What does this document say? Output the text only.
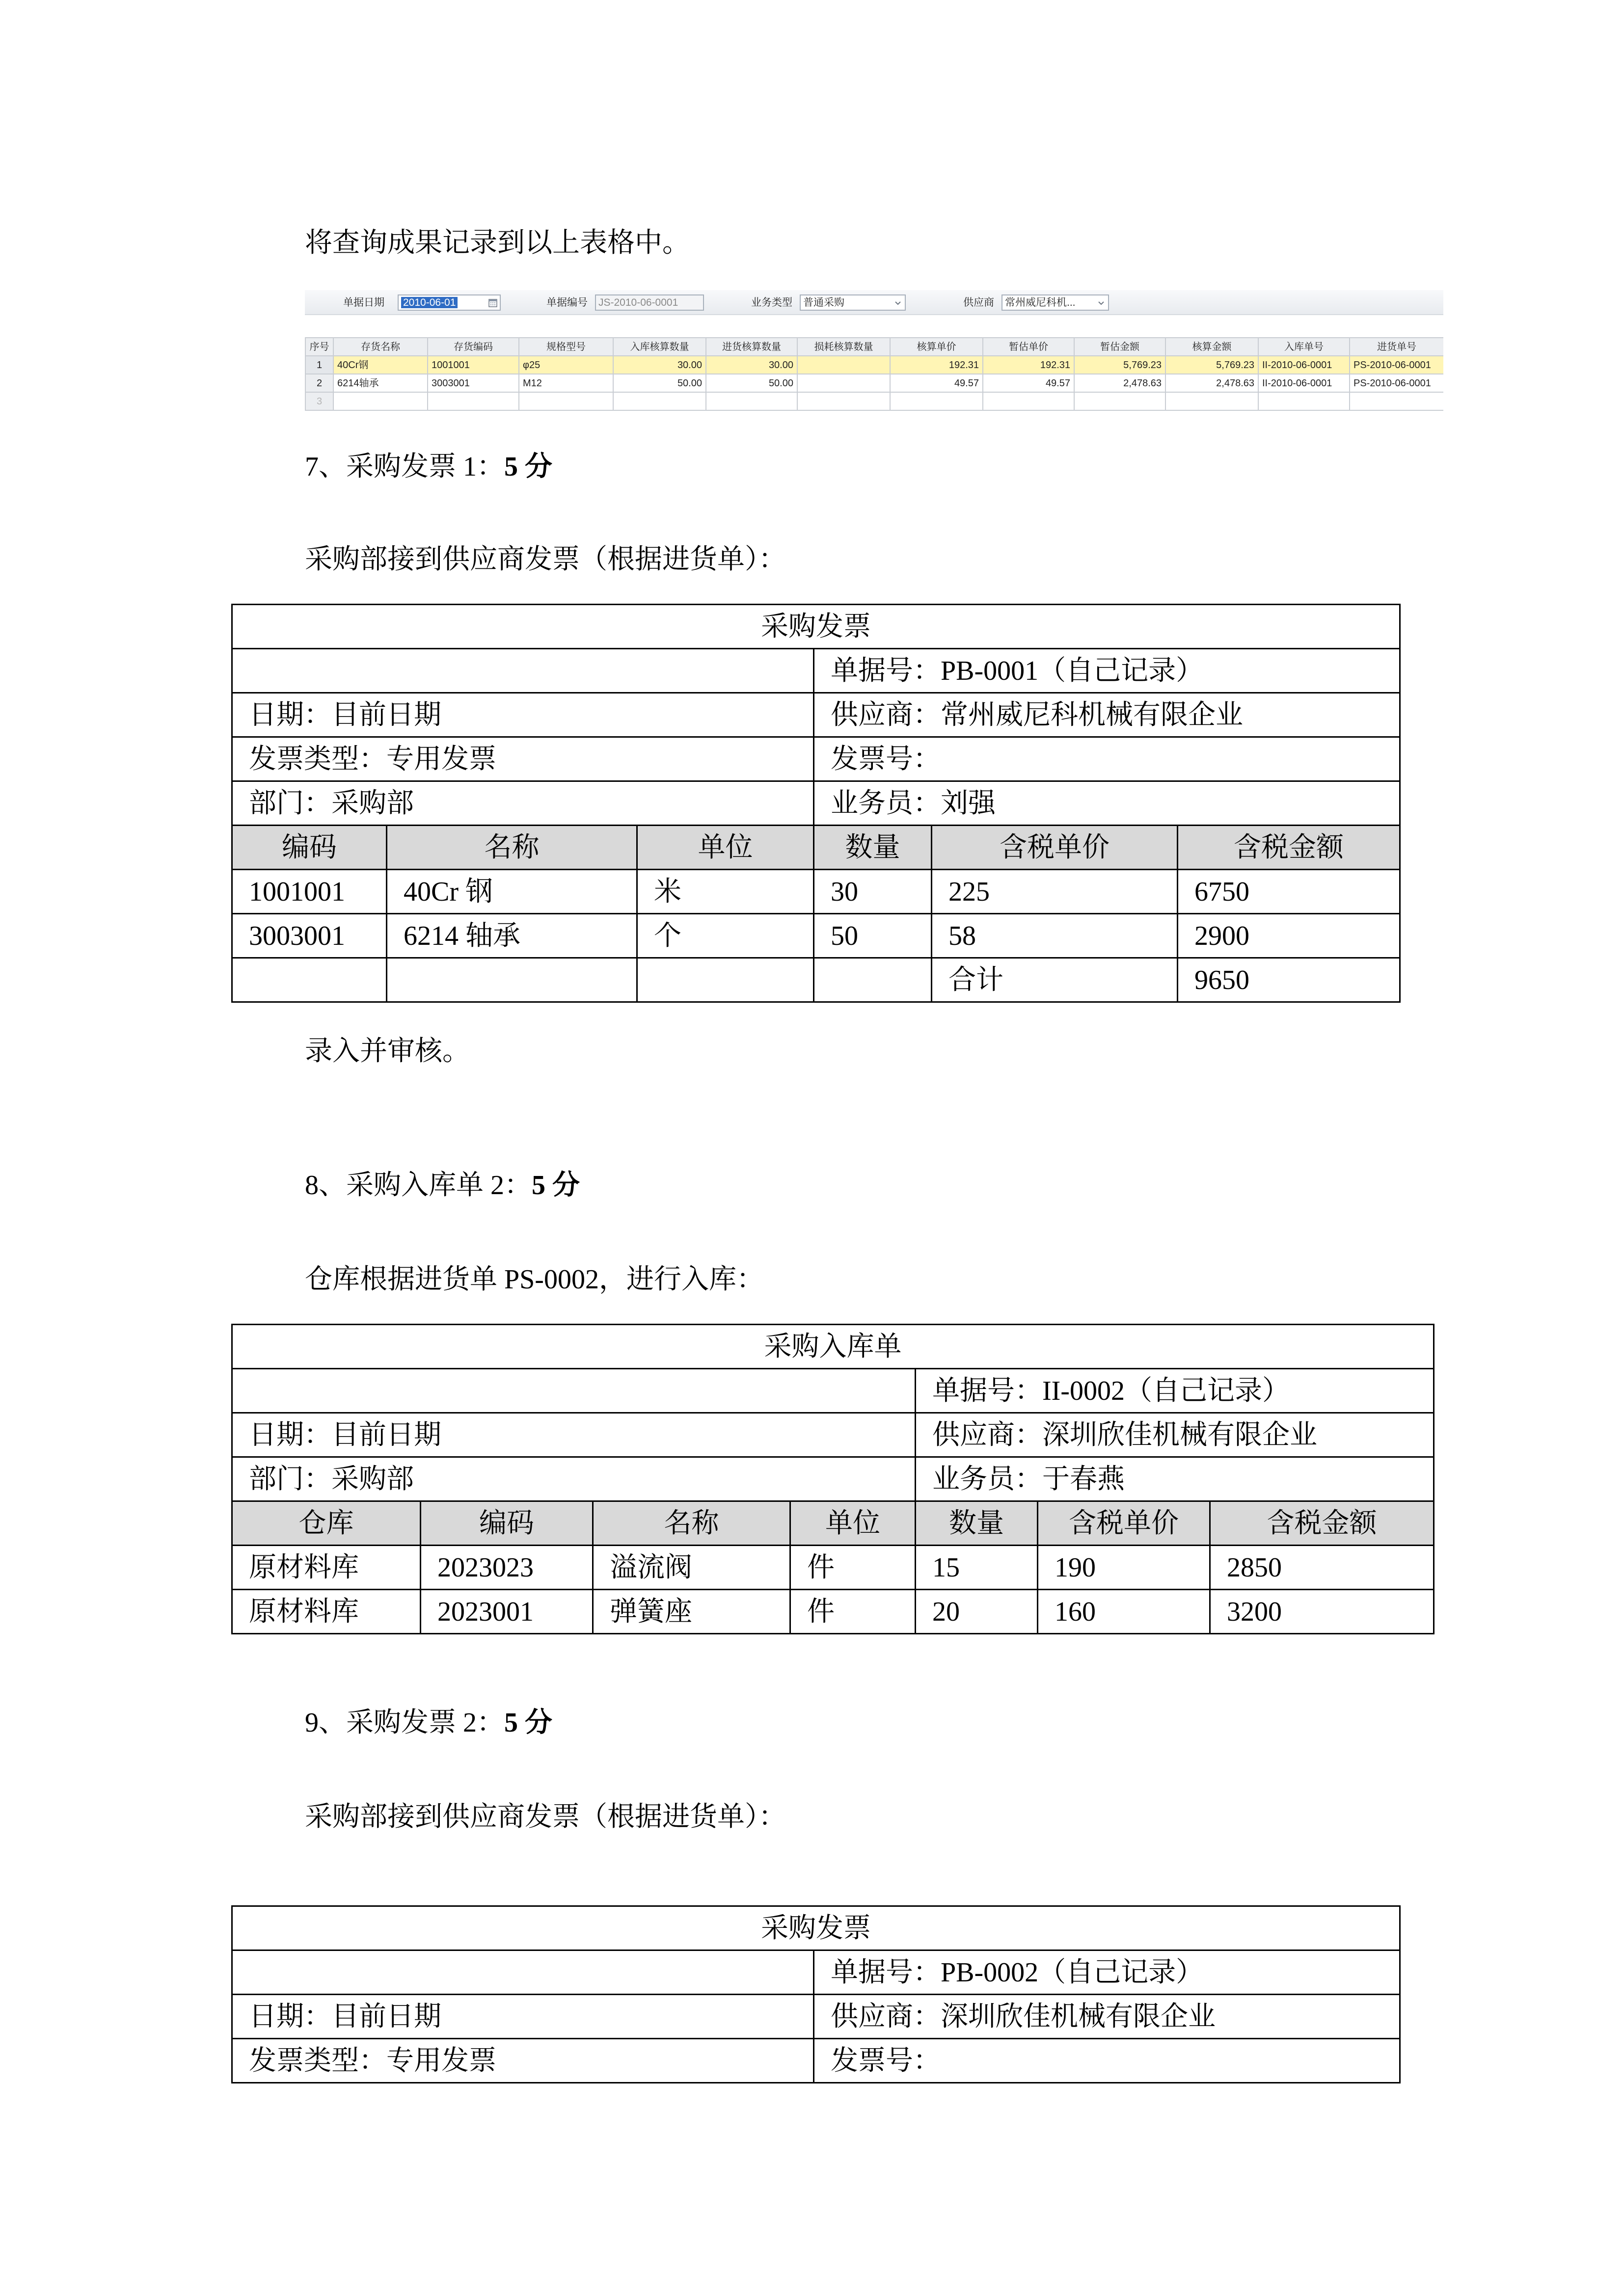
将查询成果记录到以上表格中。
单据日期	2010-06-01	单据编号	JS-2010-06-0001	业务类型	普通采购	供应商	常州威尼科机...
序号	存货名称	存货编码	规格型号	入库核算数量	进货核算数量	损耗核算数量	核算单价	暂估单价	暂估金额	核算金额	入库单号	进货单号
1	40Cr钢	1001001	φ25	30.00	30.00		192.31	192.31	5,769.23	5,769.23	II-2010-06-0001	PS-2010-06-0001
2	6214轴承	3003001	M12	50.00	50.00		49.57	49.57	2,478.63	2,478.63	II-2010-06-0001	PS-2010-06-0001
3												
7、采购发票 1：5 分
采购部接到供应商发票（根据进货单）：
采购发票					
			单据号：PB-0001（自己记录）		
日期：目前日期			供应商：常州威尼科机械有限企业		
发票类型：专用发票			发票号：		
部门：采购部			业务员：刘强		
编码	名称	单位	数量	含税单价	含税金额
1001001	40Cr 钢	米	30	225	6750
3003001	6214 轴承	个	50	58	2900
				合计	9650
录入并审核。
8、采购入库单 2：5 分
仓库根据进货单 PS-0002，进行入库：
采购入库单						
				单据号：II-0002（自己记录）		
日期：目前日期				供应商：深圳欣佳机械有限企业		
部门：采购部				业务员：于春燕		
仓库	编码	名称	单位	数量	含税单价	含税金额
原材料库	2023023	溢流阀	件	15	190	2850
原材料库	2023001	弹簧座	件	20	160	3200
9、采购发票 2：5 分
采购部接到供应商发票（根据进货单）：
采购发票	
	单据号：PB-0002（自己记录）
日期：目前日期	供应商：深圳欣佳机械有限企业
发票类型：专用发票	发票号：
